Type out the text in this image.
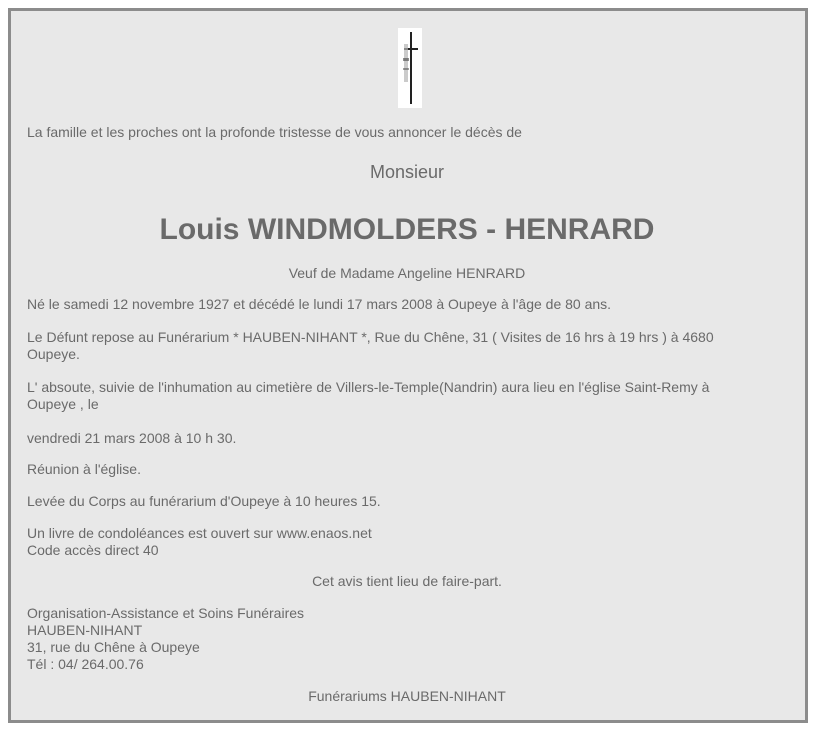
La famille et les proches ont la profonde tristesse de vous annoncer le décès de
Monsieur
Louis WINDMOLDERS - HENRARD
Veuf de Madame Angeline HENRARD
Né le samedi 12 novembre 1927 et décédé le lundi 17 mars 2008 à Oupeye à l'âge de 80 ans.
Le Défunt repose au Funérarium * HAUBEN-NIHANT *, Rue du Chêne, 31 ( Visites de 16 hrs à 19 hrs ) à 4680
Oupeye.
L' absoute, suivie de l'inhumation au cimetière de Villers-le-Temple(Nandrin) aura lieu en l'église Saint-Remy à
Oupeye , le
vendredi 21 mars 2008 à 10 h 30.
Réunion à l'église.
Levée du Corps au funérarium d'Oupeye à 10 heures 15.
Un livre de condoléances est ouvert sur www.enaos.net
Code accès direct 40
Cet avis tient lieu de faire-part.
Organisation-Assistance et Soins Funéraires
HAUBEN-NIHANT
31, rue du Chêne à Oupeye
Tél : 04/ 264.00.76
Funérariums HAUBEN-NIHANT
